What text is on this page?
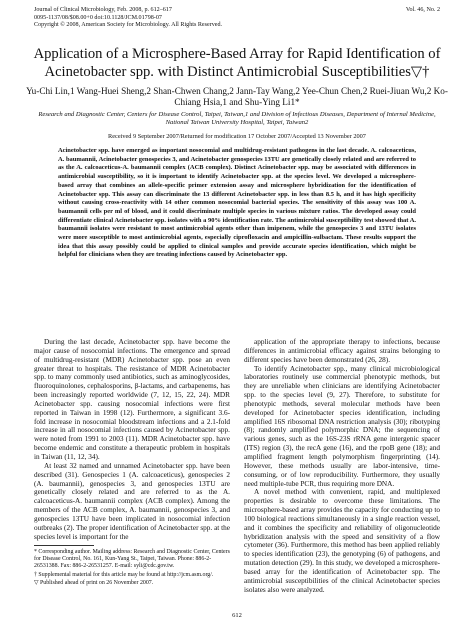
Journal of Clinical Microbiology, Feb. 2008, p. 612–617	Vol. 46, No. 2
0095-1137/08/$08.00+0 doi:10.1128/JCM.01798-07
Copyright © 2008, American Society for Microbiology. All Rights Reserved.
Application of a Microsphere-Based Array for Rapid Identification of Acinetobacter spp. with Distinct Antimicrobial Susceptibilities▽†
Yu-Chi Lin,1 Wang-Huei Sheng,2 Shan-Chwen Chang,2 Jann-Tay Wang,2 Yee-Chun Chen,2 Ruei-Jiuan Wu,2 Ko-Chiang Hsia,1 and Shu-Ying Li1*
Research and Diagnostic Center, Centers for Disease Control, Taipei, Taiwan,1 and Division of Infectious Diseases, Department of Internal Medicine, National Taiwan University Hospital, Taipei, Taiwan2
Received 9 September 2007/Returned for modification 17 October 2007/Accepted 13 November 2007
Acinetobacter spp. have emerged as important nosocomial and multidrug-resistant pathogens in the last decade. A. calcoaceticus, A. baumannii, Acinetobacter genospecies 3, and Acinetobacter genospecies 13TU are genetically closely related and are referred to as the A. calcoaceticus-A. baumannii complex (ACB complex). Distinct Acinetobacter spp. may be associated with differences in antimicrobial susceptibility, so it is important to identify Acinetobacter spp. at the species level. We developed a microsphere-based array that combines an allele-specific primer extension assay and microsphere hybridization for the identification of Acinetobacter spp. This assay can discriminate the 13 different Acinetobacter spp. in less than 8.5 h, and it has high specificity without causing cross-reactivity with 14 other common nosocomial bacterial species. The sensitivity of this assay was 100 A. baumannii cells per ml of blood, and it could discriminate multiple species in various mixture ratios. The developed assay could differentiate clinical Acinetobacter spp. isolates with a 90% identification rate. The antimicrobial susceptibility test showed that A. baumannii isolates were resistant to most antimicrobial agents other than imipenem, while the genospecies 3 and 13TU isolates were more susceptible to most antimicrobial agents, especially ciprofloxacin and ampicillin-sulbactam. These results support the idea that this assay possibly could be applied to clinical samples and provide accurate species identification, which might be helpful for clinicians when they are treating infections caused by Acinetobacter spp.

During the last decade, Acinetobacter spp. have become the major cause of nosocomial infections. The emergence and spread of multidrug-resistant (MDR) Acinetobacter spp. pose an even greater threat to hospitals. The resistance of MDR Acinetobacter spp. to many commonly used antibiotics, such as aminoglycosides, fluoroquinolones, cephalosporins, β-lactams, and carbapenems, has been increasingly reported worldwide (7, 12, 15, 22, 24). MDR Acinetobacter spp. causing nosocomial infections were first reported in Taiwan in 1998 (12). Furthermore, a significant 3.6-fold increase in nosocomial bloodstream infections and a 2.1-fold increase in all nosocomial infections caused by Acinetobacter spp. were noted from 1991 to 2003 (11). MDR Acinetobacter spp. have become endemic and constitute a therapeutic problem in hospitals in Taiwan (11, 12, 34).

At least 32 named and unnamed Acinetobacter spp. have been described (31). Genospecies 1 (A. calcoaceticus), genospecies 2 (A. baumannii), genospecies 3, and genospecies 13TU are genetically closely related and are referred to as the A. calcoaceticus-A. baumannii complex (ACB complex). Among the members of the ACB complex, A. baumannii, genospecies 3, and genospecies 13TU have been implicated in nosocomial infection outbreaks (2). The proper identification of Acinetobacter spp. at the species level is important for the

application of the appropriate therapy to infections, because differences in antimicrobial efficacy against strains belonging to different species have been demonstrated (26, 28).

To identify Acinetobacter spp., many clinical microbiological laboratories routinely use commercial phenotypic methods, but they are unreliable when clinicians are identifying Acinetobacter spp. to the species level (9, 27). Therefore, to substitute for phenotypic methods, several molecular methods have been developed for Acinetobacter species identification, including amplified 16S ribosomal DNA restriction analysis (30); ribotyping (8); randomly amplified polymorphic DNA; the sequencing of various genes, such as the 16S-23S rRNA gene intergenic spacer (ITS) region (3), the recA gene (16), and the rpoB gene (18); and amplified fragment length polymorphism fingerprinting (14). However, these methods usually are labor-intensive, time-consuming, or of low reproducibility. Furthermore, they usually need multiple-tube PCR, thus requiring more DNA.

A novel method with convenient, rapid, and multiplexed properties is desirable to overcome these limitations. The microsphere-based array provides the capacity for conducting up to 100 biological reactions simultaneously in a single reaction vessel, and it combines the specificity and reliability of oligonucleotide hybridization analysis with the speed and sensitivity of a flow cytometer (36). Furthermore, this method has been applied reliably to species identification (23), the genotyping (6) of pathogens, and mutation detection (29). In this study, we developed a microsphere-based array for the identification of Acinetobacter spp. The antimicrobial susceptibilities of the clinical Acinetobacter species isolates also were analyzed.

* Corresponding author. Mailing address: Research and Diagnostic Center, Centers for Disease Control, No. 161, Kun-Yang St., Taipei, Taiwan. Phone: 886-2-26531388. Fax: 886-2-26531257. E-mail: syli@cdc.gov.tw.
† Supplemental material for this article may be found at http://jcm.asm.org/.
▽ Published ahead of print on 26 November 2007.
612
